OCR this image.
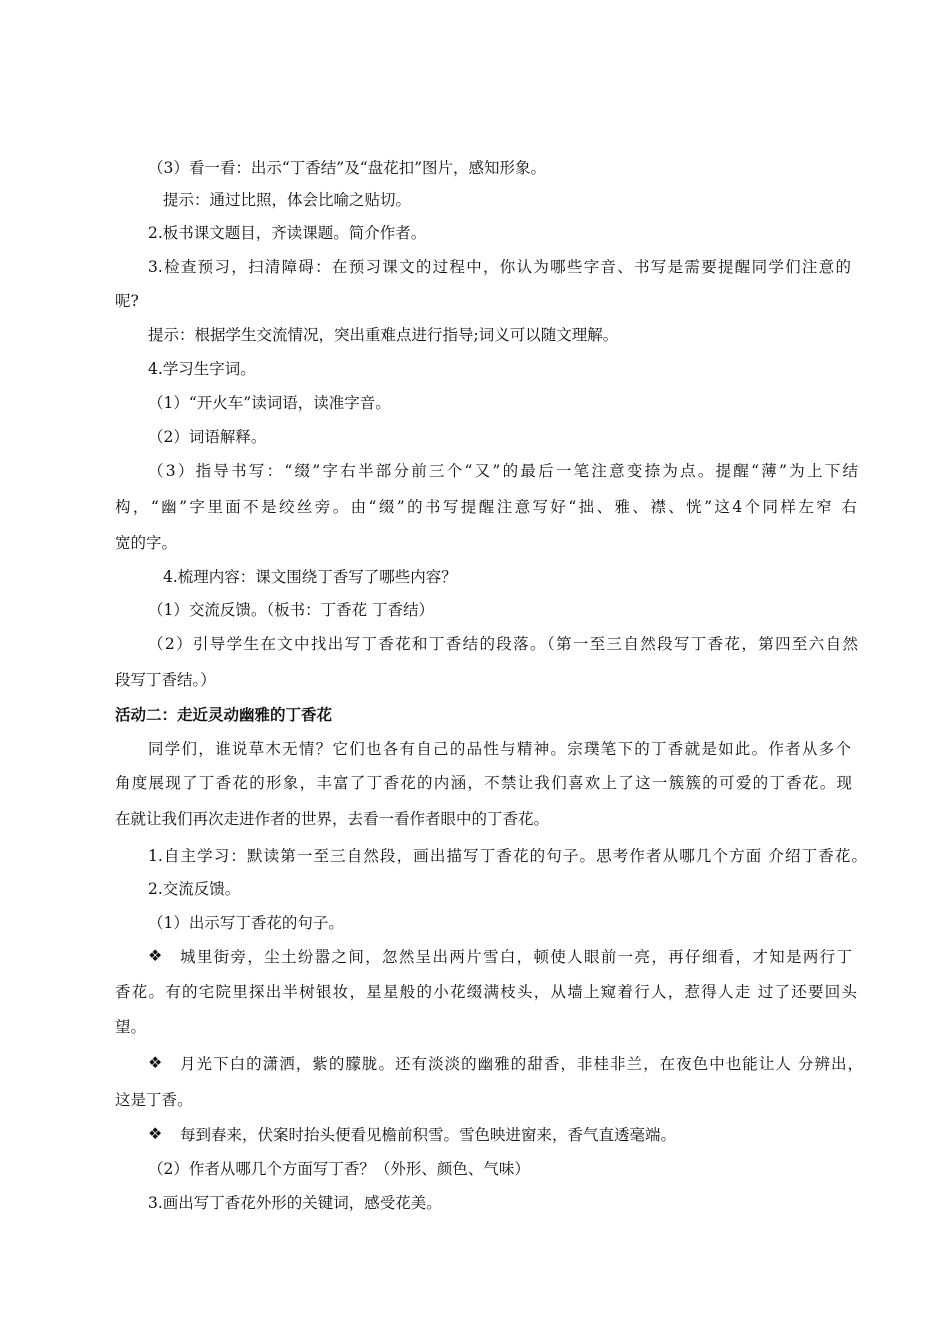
（3）看一看：出示“丁香结”及“盘花扣”图片，感知形象。
提示：通过比照，体会比喻之贴切。
2.板书课文题目，齐读课题。简介作者。
3.检查预习，扫清障碍：在预习课文的过程中，你认为哪些字音、书写是需要提醒同学们注意的
呢?
提示：根据学生交流情况，突出重难点进行指导;词义可以随文理解。
4.学习生字词。
（1）“开火车”读词语，读准字音。
（2）词语解释。
（3）指导书写：“缀”字右半部分前三个“又”的最后一笔注意变捺为点。提醒“薄”为上下结
构，“幽”字里面不是绞丝旁。由“缀”的书写提醒注意写好“拙、雅、襟、恍”这4个同样左窄 右
宽的字。
4.梳理内容：课文围绕丁香写了哪些内容？
（1）交流反馈。（板书：丁香花 丁香结）
（2）引导学生在文中找出写丁香花和丁香结的段落。（第一至三自然段写丁香花，第四至六自然
段写丁香结。）
活动二：走近灵动幽雅的丁香花
同学们，谁说草木无情？它们也各有自己的品性与精神。宗璞笔下的丁香就是如此。作者从多个
角度展现了丁香花的形象，丰富了丁香花的内涵，不禁让我们喜欢上了这一簇簇的可爱的丁香花。现
在就让我们再次走进作者的世界，去看一看作者眼中的丁香花。
1.自主学习：默读第一至三自然段，画出描写丁香花的句子。思考作者从哪几个方面 介绍丁香花。
2.交流反馈。
（1）出示写丁香花的句子。
❖ 城里街旁，尘土纷嚣之间，忽然呈出两片雪白，顿使人眼前一亮，再仔细看，才知是两行丁
香花。有的宅院里探出半树银妆，星星般的小花缀满枝头，从墙上窥着行人，惹得人走 过了还要回头
望。
❖ 月光下白的潇洒，紫的朦胧。还有淡淡的幽雅的甜香，非桂非兰，在夜色中也能让人 分辨出，
这是丁香。
❖ 每到春来，伏案时抬头便看见檐前积雪。雪色映进窗来，香气直透毫端。
（2）作者从哪几个方面写丁香？（外形、颜色、气味）
3.画出写丁香花外形的关键词，感受花美。
